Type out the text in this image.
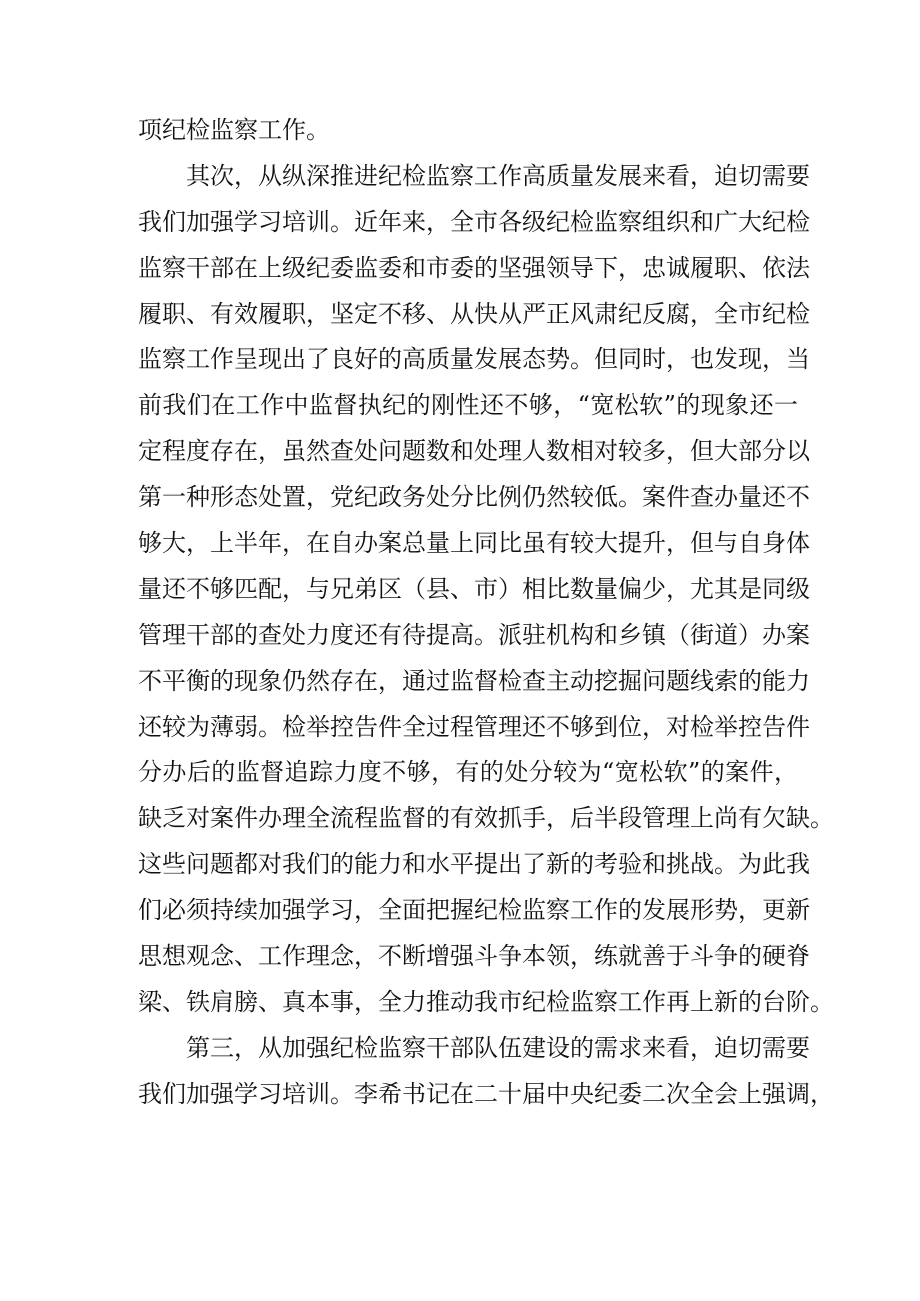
项纪检监察工作。
其次，从纵深推进纪检监察工作高质量发展来看，迫切需要
我们加强学习培训。近年来，全市各级纪检监察组织和广大纪检
监察干部在上级纪委监委和市委的坚强领导下，忠诚履职、依法
履职、有效履职，坚定不移、从快从严正风肃纪反腐，全市纪检
监察工作呈现出了良好的高质量发展态势。但同时，也发现，当
前我们在工作中监督执纪的刚性还不够，“宽松软”的现象还一
定程度存在，虽然查处问题数和处理人数相对较多，但大部分以
第一种形态处置，党纪政务处分比例仍然较低。案件查办量还不
够大，上半年，在自办案总量上同比虽有较大提升，但与自身体
量还不够匹配，与兄弟区（县、市）相比数量偏少，尤其是同级
管理干部的查处力度还有待提高。派驻机构和乡镇（街道）办案
不平衡的现象仍然存在，通过监督检查主动挖掘问题线索的能力
还较为薄弱。检举控告件全过程管理还不够到位，对检举控告件
分办后的监督追踪力度不够，有的处分较为“宽松软”的案件，
缺乏对案件办理全流程监督的有效抓手，后半段管理上尚有欠缺。
这些问题都对我们的能力和水平提出了新的考验和挑战。为此我
们必须持续加强学习，全面把握纪检监察工作的发展形势，更新
思想观念、工作理念，不断增强斗争本领，练就善于斗争的硬脊
梁、铁肩膀、真本事，全力推动我市纪检监察工作再上新的台阶。
第三，从加强纪检监察干部队伍建设的需求来看，迫切需要
我们加强学习培训。李希书记在二十届中央纪委二次全会上强调，
